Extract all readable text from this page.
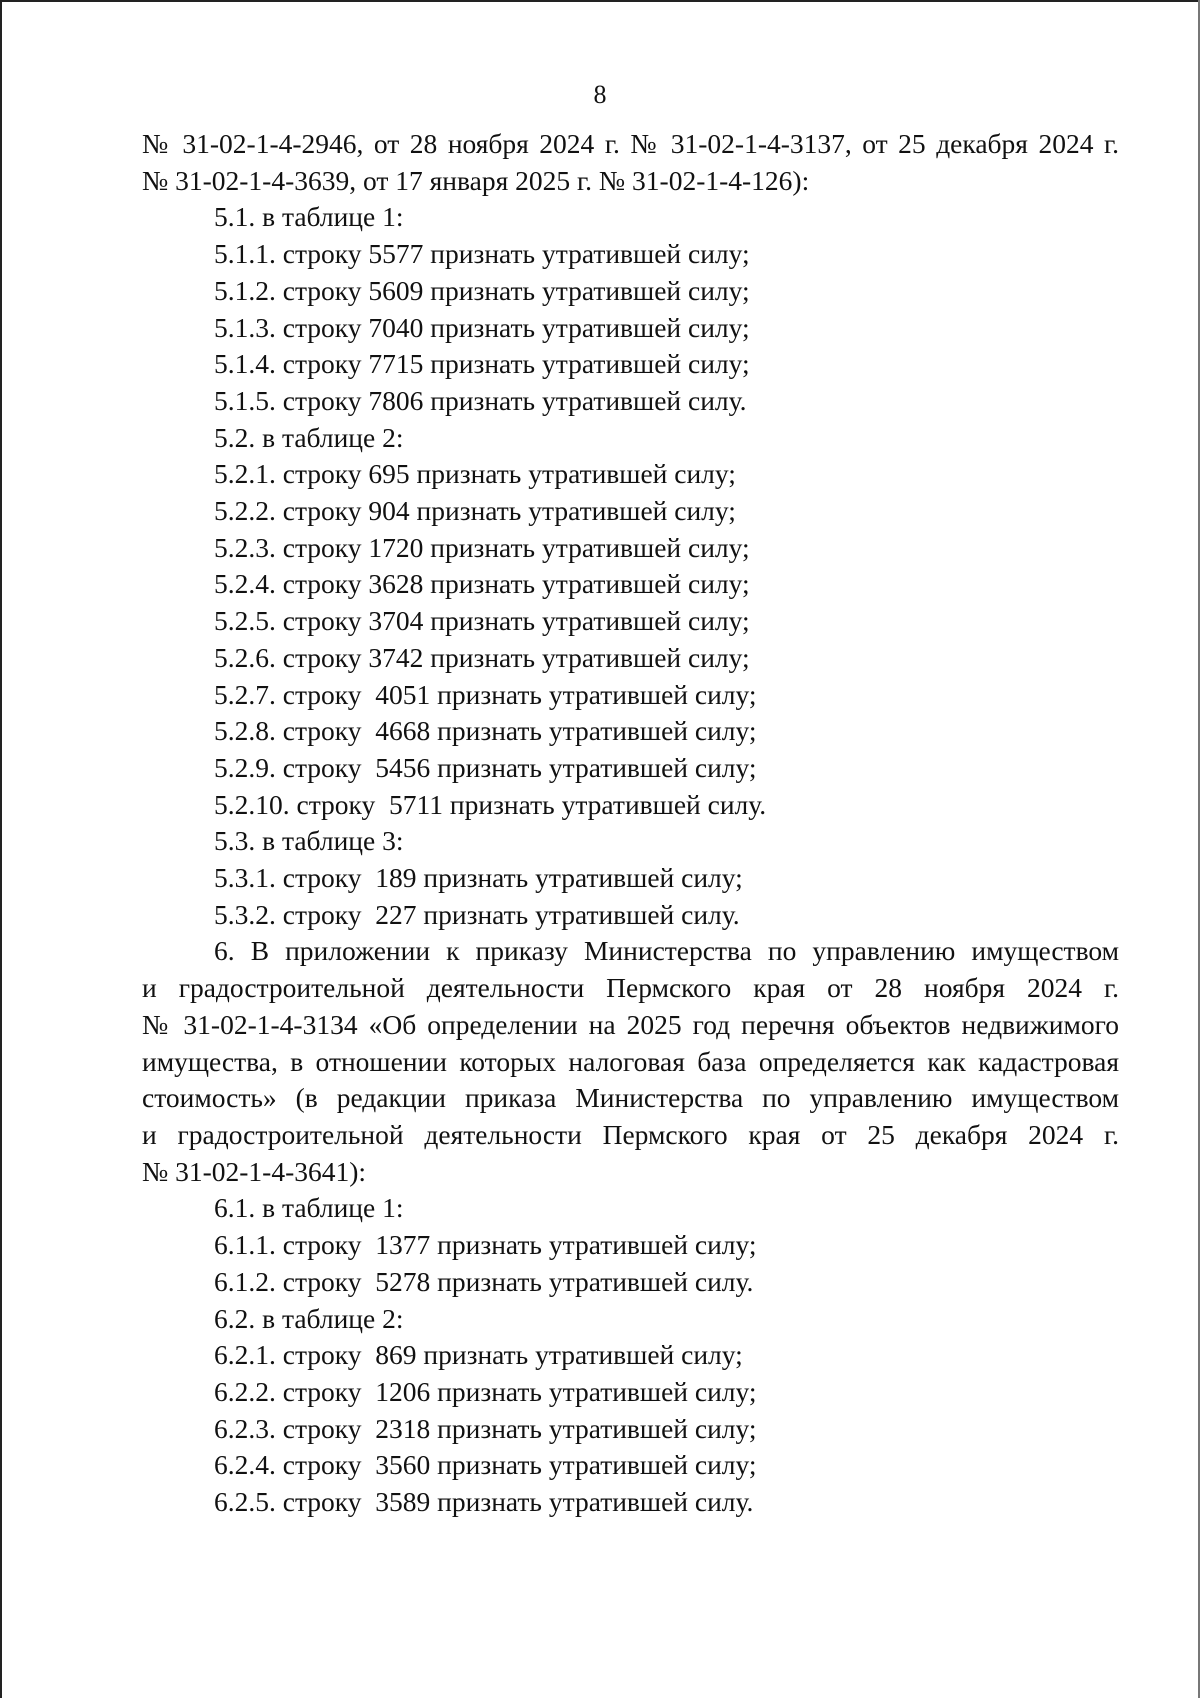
8
№ 31-02-1-4-2946, от 28 ноября 2024 г. № 31-02-1-4-3137, от 25 декабря 2024 г.
№ 31-02-1-4-3639, от 17 января 2025 г. № 31-02-1-4-126):
5.1. в таблице 1:
5.1.1. строку 5577 признать утратившей силу;
5.1.2. строку 5609 признать утратившей силу;
5.1.3. строку 7040 признать утратившей силу;
5.1.4. строку 7715 признать утратившей силу;
5.1.5. строку 7806 признать утратившей силу.
5.2. в таблице 2:
5.2.1. строку 695 признать утратившей силу;
5.2.2. строку 904 признать утратившей силу;
5.2.3. строку 1720 признать утратившей силу;
5.2.4. строку 3628 признать утратившей силу;
5.2.5. строку 3704 признать утратившей силу;
5.2.6. строку 3742 признать утратившей силу;
5.2.7. строку  4051 признать утратившей силу;
5.2.8. строку  4668 признать утратившей силу;
5.2.9. строку  5456 признать утратившей силу;
5.2.10. строку  5711 признать утратившей силу.
5.3. в таблице 3:
5.3.1. строку  189 признать утратившей силу;
5.3.2. строку  227 признать утратившей силу.
6. В приложении к приказу Министерства по управлению имуществом
и градостроительной деятельности Пермского края от 28 ноября 2024 г.
№ 31-02-1-4-3134 «Об определении на 2025 год перечня объектов недвижимого
имущества, в отношении которых налоговая база определяется как кадастровая
стоимость» (в редакции приказа Министерства по управлению имуществом
и градостроительной деятельности Пермского края от 25 декабря 2024 г.
№ 31-02-1-4-3641):
6.1. в таблице 1:
6.1.1. строку  1377 признать утратившей силу;
6.1.2. строку  5278 признать утратившей силу.
6.2. в таблице 2:
6.2.1. строку  869 признать утратившей силу;
6.2.2. строку  1206 признать утратившей силу;
6.2.3. строку  2318 признать утратившей силу;
6.2.4. строку  3560 признать утратившей силу;
6.2.5. строку  3589 признать утратившей силу.
